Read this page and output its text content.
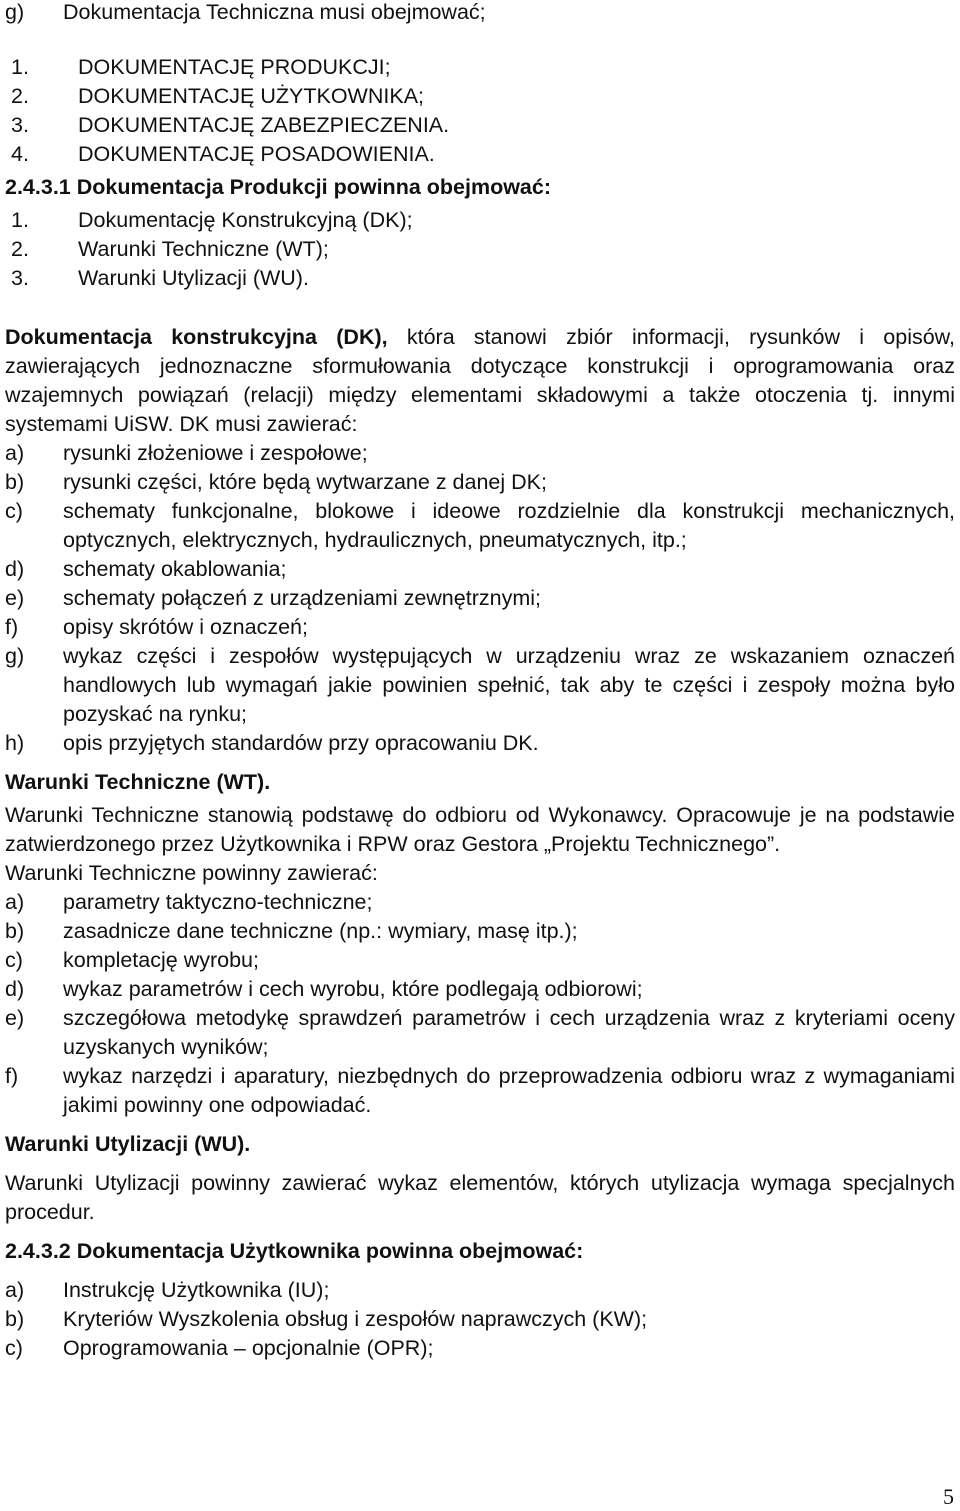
g)	Dokumentacja Techniczna musi obejmować;
1.	DOKUMENTACJĘ PRODUKCJI;
2.	DOKUMENTACJĘ UŻYTKOWNIKA;
3.	DOKUMENTACJĘ ZABEZPIECZENIA.
4.	DOKUMENTACJĘ POSADOWIENIA.

2.4.3.1 Dokumentacja Produkcji powinna obejmować:

1.	Dokumentację Konstrukcyjną (DK);
2.	Warunki Techniczne (WT);
3.	Warunki Utylizacji (WU).

Dokumentacja konstrukcyjna (DK), która stanowi zbiór informacji, rysunków i opisów, zawierających jednoznaczne sformułowania dotyczące konstrukcji i oprogramowania oraz wzajemnych powiązań (relacji) między elementami składowymi a także otoczenia tj. innymi systemami UiSW. DK musi zawierać:

a)	rysunki złożeniowe i zespołowe;
b)	rysunki części, które będą wytwarzane z danej DK;
c)	schematy funkcjonalne, blokowe i ideowe rozdzielnie dla konstrukcji mechanicznych, optycznych, elektrycznych, hydraulicznych, pneumatycznych, itp.;
d)	schematy okablowania;
e)	schematy połączeń z urządzeniami zewnętrznymi;
f)	opisy skrótów i oznaczeń;
g)	wykaz części i zespołów występujących w urządzeniu wraz ze wskazaniem oznaczeń handlowych lub wymagań jakie powinien spełnić, tak aby te części i zespoły można było pozyskać na rynku;
h)	opis przyjętych standardów przy opracowaniu DK.

Warunki Techniczne (WT).

Warunki Techniczne stanowią podstawę do odbioru od Wykonawcy. Opracowuje je na podstawie zatwierdzonego przez Użytkownika i RPW oraz Gestora „Projektu Technicznego”.

Warunki Techniczne powinny zawierać:

a)	parametry taktyczno-techniczne;
b)	zasadnicze dane techniczne (np.: wymiary, masę itp.);
c)	kompletację wyrobu;
d)	wykaz parametrów i cech wyrobu, które podlegają odbiorowi;
e)	szczegółowa metodykę sprawdzeń parametrów i cech urządzenia wraz z kryteriami oceny uzyskanych wyników;
f)	wykaz narzędzi i aparatury, niezbędnych do przeprowadzenia odbioru wraz z wymaganiami jakimi powinny one odpowiadać.

Warunki Utylizacji (WU).

Warunki Utylizacji powinny zawierać wykaz elementów, których utylizacja wymaga specjalnych procedur.

2.4.3.2 Dokumentacja Użytkownika powinna obejmować:

a)	Instrukcję Użytkownika (IU);
b)	Kryteriów Wyszkolenia obsług i zespołów naprawczych (KW);
c)	Oprogramowania – opcjonalnie (OPR);
5
